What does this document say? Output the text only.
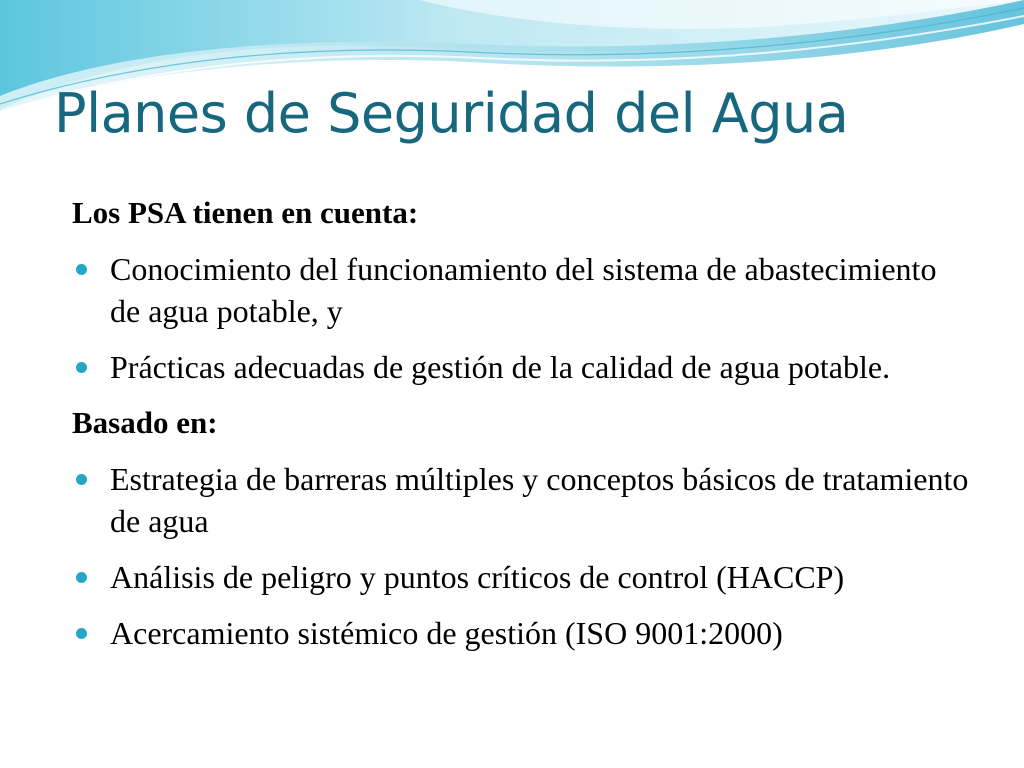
Planes de Seguridad del Agua

Los PSA tienen en cuenta:

Conocimiento del funcionamiento del sistema de abastecimiento de agua potable, y
Prácticas adecuadas de gestión de la calidad de agua potable.

Basado en:

Estrategia de barreras múltiples y conceptos básicos de tratamiento de agua
Análisis de peligro y puntos críticos de control (HACCP)
Acercamiento sistémico de gestión (ISO 9001:2000)
